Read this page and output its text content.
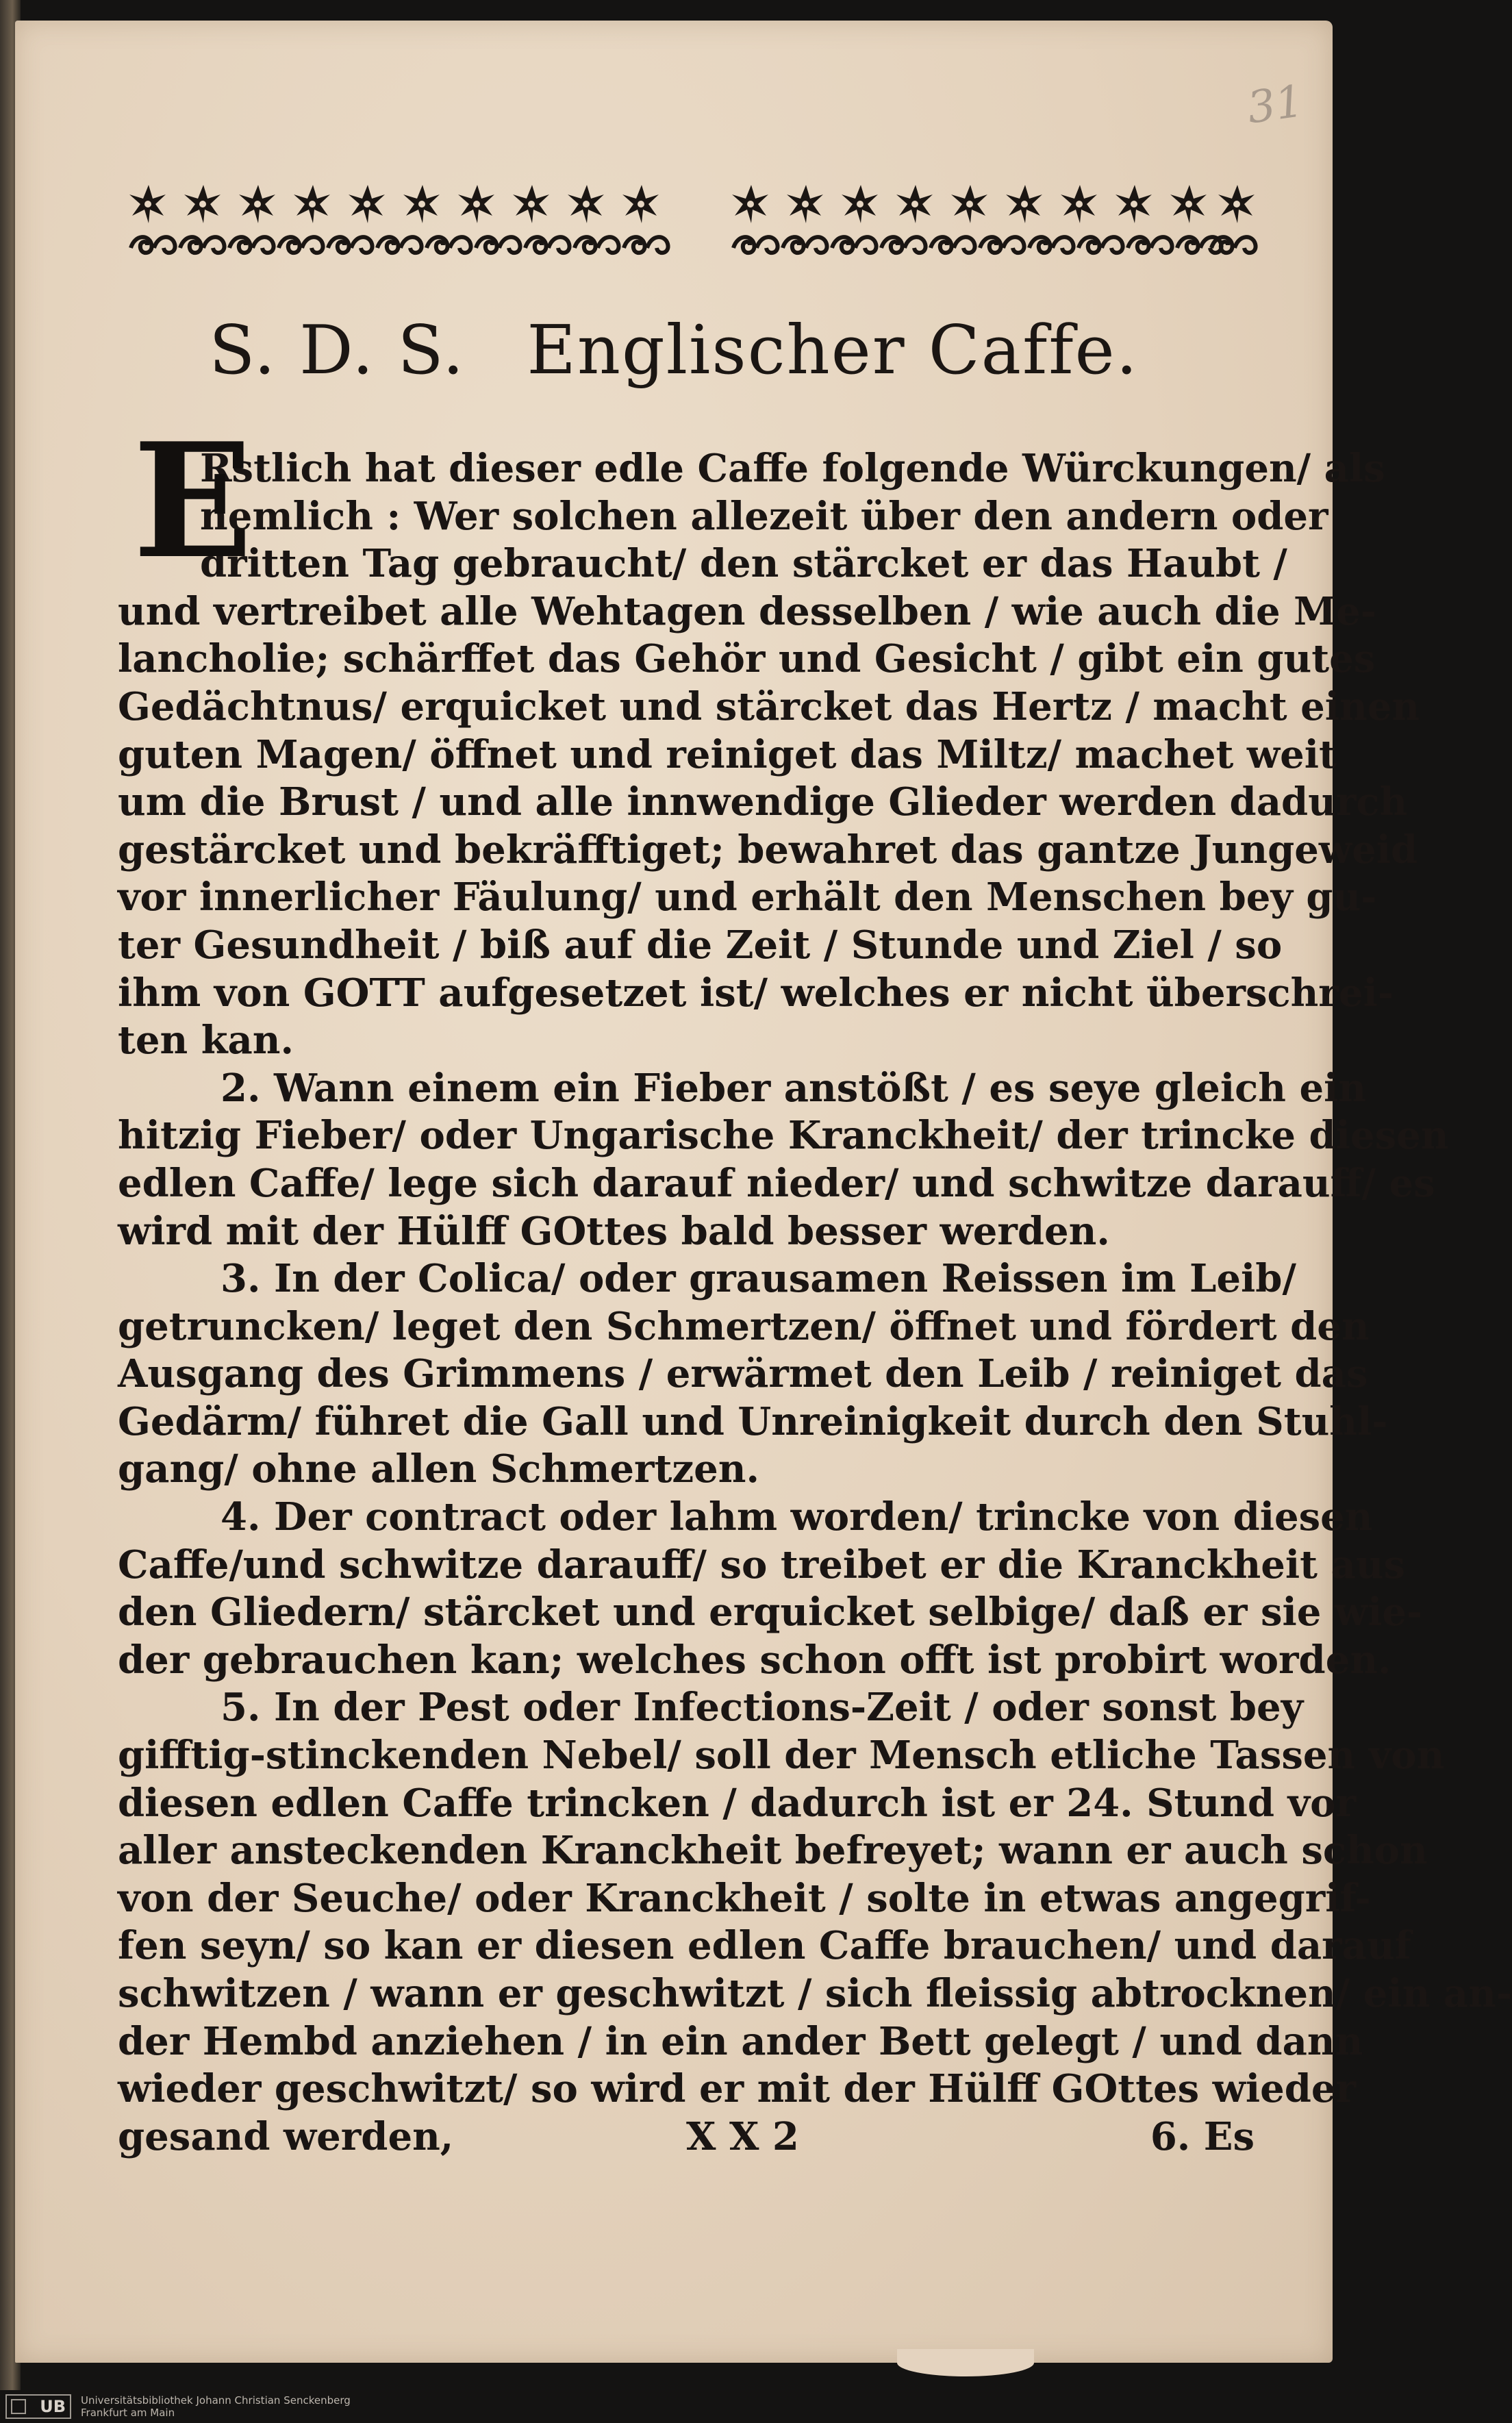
31
S. D. S. Englischer Caffe.
E
Rstlich hat dieser edle Caffe folgende Würckungen/ als
nemlich : Wer solchen allezeit über den andern oder
dritten Tag gebraucht/ den stärcket er das Haubt /
und vertreibet alle Wehtagen desselben / wie auch die Me-
lancholie; schärffet das Gehör und Gesicht / gibt ein gutes
Gedächtnus/ erquicket und stärcket das Hertz / macht einen
guten Magen/ öffnet und reiniget das Miltz/ machet weit
um die Brust / und alle innwendige Glieder werden dadurch
gestärcket und bekräfftiget; bewahret das gantze Jungeweid
vor innerlicher Fäulung/ und erhält den Menschen bey gu-
ter Gesundheit / biß auf die Zeit / Stunde und Ziel / so
ihm von GOTT aufgesetzet ist/ welches er nicht überschrei-
ten kan.
2. Wann einem ein Fieber anstößt / es seye gleich ein
hitzig Fieber/ oder Ungarische Kranckheit/ der trincke diesen
edlen Caffe/ lege sich darauf nieder/ und schwitze darauff/ es
wird mit der Hülff GOttes bald besser werden.
3. In der Colica/ oder grausamen Reissen im Leib/
getruncken/ leget den Schmertzen/ öffnet und fördert den
Ausgang des Grimmens / erwärmet den Leib / reiniget das
Gedärm/ führet die Gall und Unreinigkeit durch den Stuhl-
gang/ ohne allen Schmertzen.
4. Der contract oder lahm worden/ trincke von diesen
Caffe/und schwitze darauff/ so treibet er die Kranckheit aus
den Gliedern/ stärcket und erquicket selbige/ daß er sie wie-
der gebrauchen kan; welches schon offt ist probirt worden.
5. In der Pest oder Infections-Zeit / oder sonst bey
gifftig-stinckenden Nebel/ soll der Mensch etliche Tassen von
diesen edlen Caffe trincken / dadurch ist er 24. Stund vor
aller ansteckenden Kranckheit befreyet; wann er auch schon
von der Seuche/ oder Kranckheit / solte in etwas angegrif-
fen seyn/ so kan er diesen edlen Caffe brauchen/ und darauf
schwitzen / wann er geschwitzt / sich fleissig abtrocknen/ ein an-
der Hembd anziehen / in ein ander Bett gelegt / und dann
wieder geschwitzt/ so wird er mit der Hülff GOttes wieder
gesand werden,	X X 2	6. Es
UB Universitätsbibliothek Johann Christian Senckenberg
Frankfurt am Main
